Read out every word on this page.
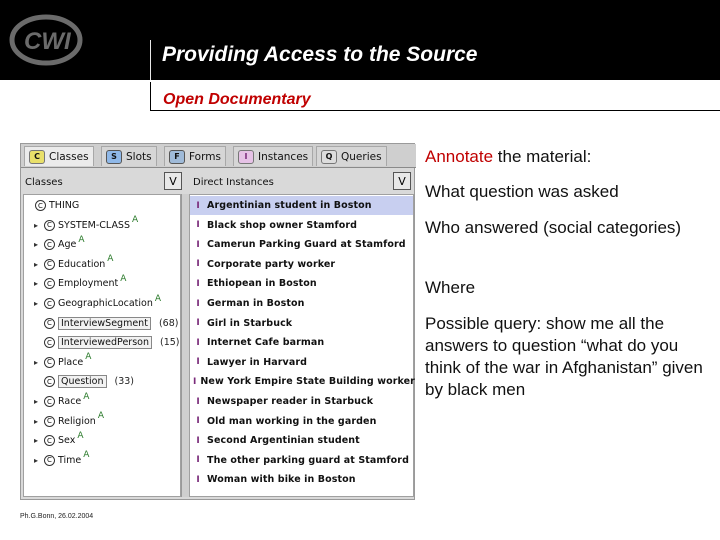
CWI	Providing Access to the Source
Open Documentary
C Classes	S Slots	F Forms	I	Instances	Q Queries
Classes	V
C THING
▸	C SYSTEM-CLASS A
▸	C Age A
▸	C Education A
▸	C Employment A
▸	C GeographicLocation A
C InterviewSegment	(68)
C InterviewedPerson	(15)
▸	C Place A
C Question	(33)
▸	C Race A
▸	C Religion A
▸	C Sex A
▸	C Time A
Direct Instances	V
I Argentinian student in Boston
I Black shop owner Stamford
I Camerun Parking Guard at Stamford
I Corporate party worker
I Ethiopean in Boston
I German in Boston
I Girl in Starbuck
I Internet Cafe barman
I Lawyer in Harvard
I New York Empire State Building worker
I Newspaper reader in Starbuck
I Old man working in the garden
I Second Argentinian student
I The other parking guard at Stamford
I Woman with bike in Boston
Annotate the material:
What question was asked
Who answered (social categories)
Where
Possible query: show me all the answers to question “what do you think of the war in Afghanistan” given by black men
Ph.G.Bonn, 26.02.2004
